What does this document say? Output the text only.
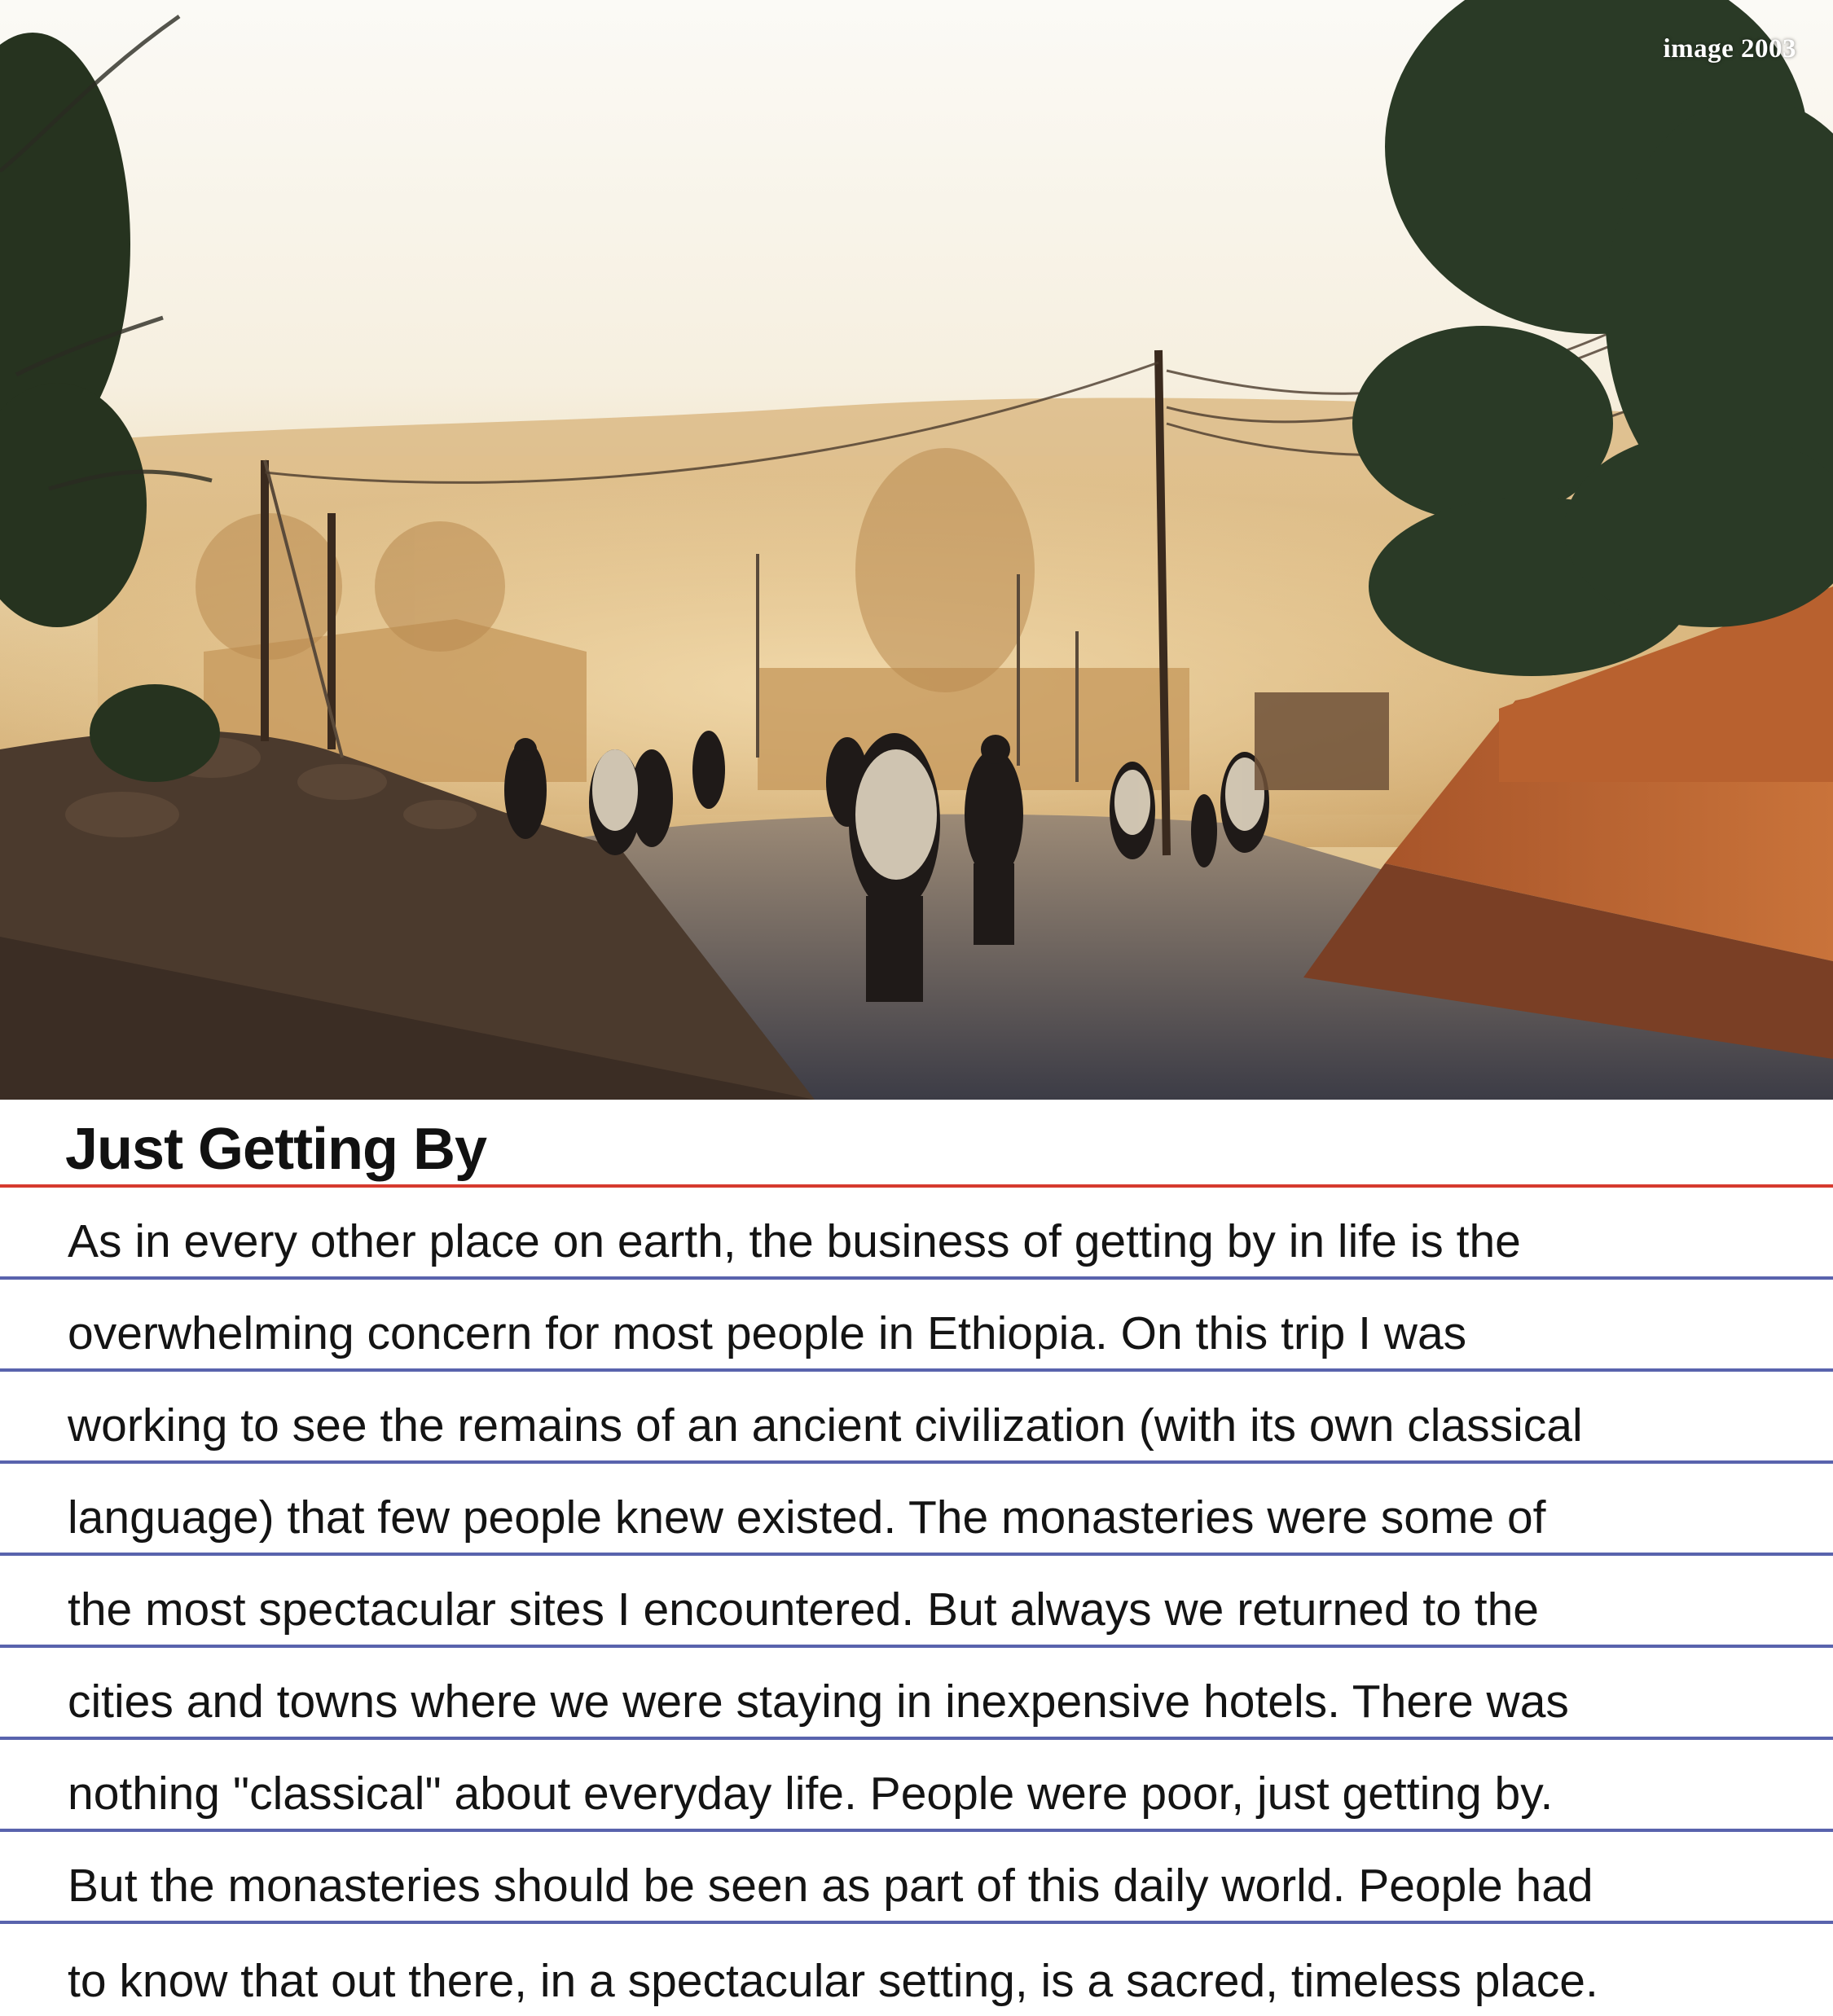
image 2003
Just Getting By
As in every other place on earth, the business of getting by in life is the
overwhelming concern for most people in Ethiopia. On this trip I was
working to see the remains of an ancient civilization (with its own classical
language) that few people knew existed. The monasteries were some of
the most spectacular sites I encountered. But always we returned to the
cities and towns where we were staying in inexpensive hotels. There was
nothing "classical" about everyday life. People were poor, just getting by.
But the monasteries should be seen as part of this daily world. People had
to know that out there, in a spectacular setting, is a sacred, timeless place.
